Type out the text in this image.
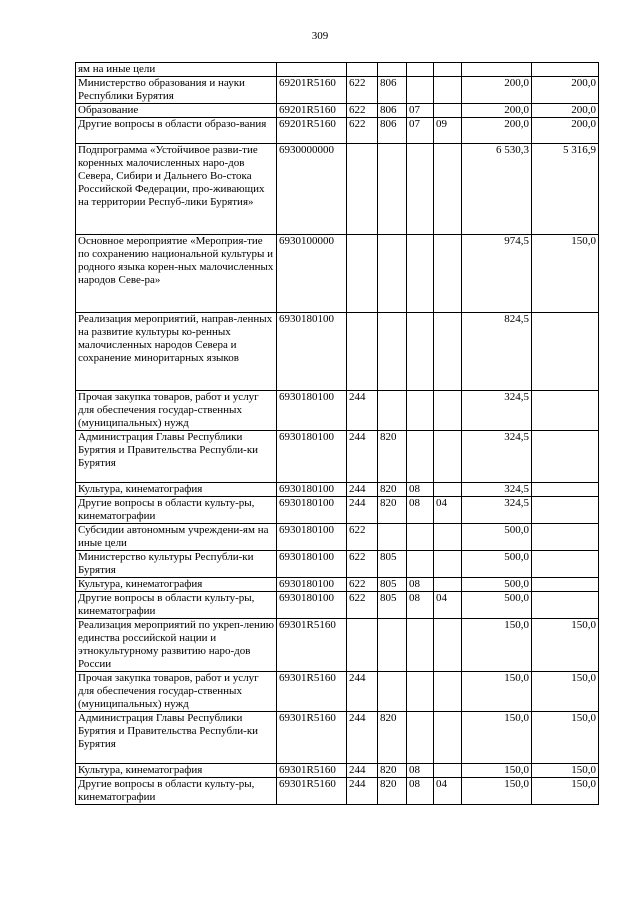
309
ям на иные цели							
Министерство образования и науки Республики Бурятия	69201R5160	622	806			200,0	200,0
Образование	69201R5160	622	806	07		200,0	200,0
Другие вопросы в области образо-вания	69201R5160	622	806	07	09	200,0	200,0
Подпрограмма «Устойчивое разви-тие коренных малочисленных наро-дов Севера, Сибири и Дальнего Во-стока Российской Федерации, про-живающих на территории Респуб-лики Бурятия»	6930000000					6 530,3	5 316,9
Основное мероприятие «Мероприя-тие по сохранению национальной культуры и родного языка корен-ных малочисленных народов Севе-ра»	6930100000					974,5	150,0
Реализация мероприятий, направ-ленных на развитие культуры ко-ренных малочисленных народов Севера и сохранение миноритарных языков	6930180100					824,5	
Прочая закупка товаров, работ и услуг для обеспечения государ-ственных (муниципальных) нужд	6930180100	244				324,5	
Администрация Главы Республики Бурятия и Правительства Республи-ки Бурятия	6930180100	244	820			324,5	
Культура, кинематография	6930180100	244	820	08		324,5	
Другие вопросы в области культу-ры, кинематографии	6930180100	244	820	08	04	324,5	
Субсидии автономным учреждени-ям на иные цели	6930180100	622				500,0	
Министерство культуры Республи-ки Бурятия	6930180100	622	805			500,0	
Культура, кинематография	6930180100	622	805	08		500,0	
Другие вопросы в области культу-ры, кинематографии	6930180100	622	805	08	04	500,0	
Реализация мероприятий по укреп-лению единства российской нации и этнокультурному развитию наро-дов России	69301R5160					150,0	150,0
Прочая закупка товаров, работ и услуг для обеспечения государ-ственных (муниципальных) нужд	69301R5160	244				150,0	150,0
Администрация Главы Республики Бурятия и Правительства Республи-ки Бурятия	69301R5160	244	820			150,0	150,0
Культура, кинематография	69301R5160	244	820	08		150,0	150,0
Другие вопросы в области культу-ры, кинематографии	69301R5160	244	820	08	04	150,0	150,0
